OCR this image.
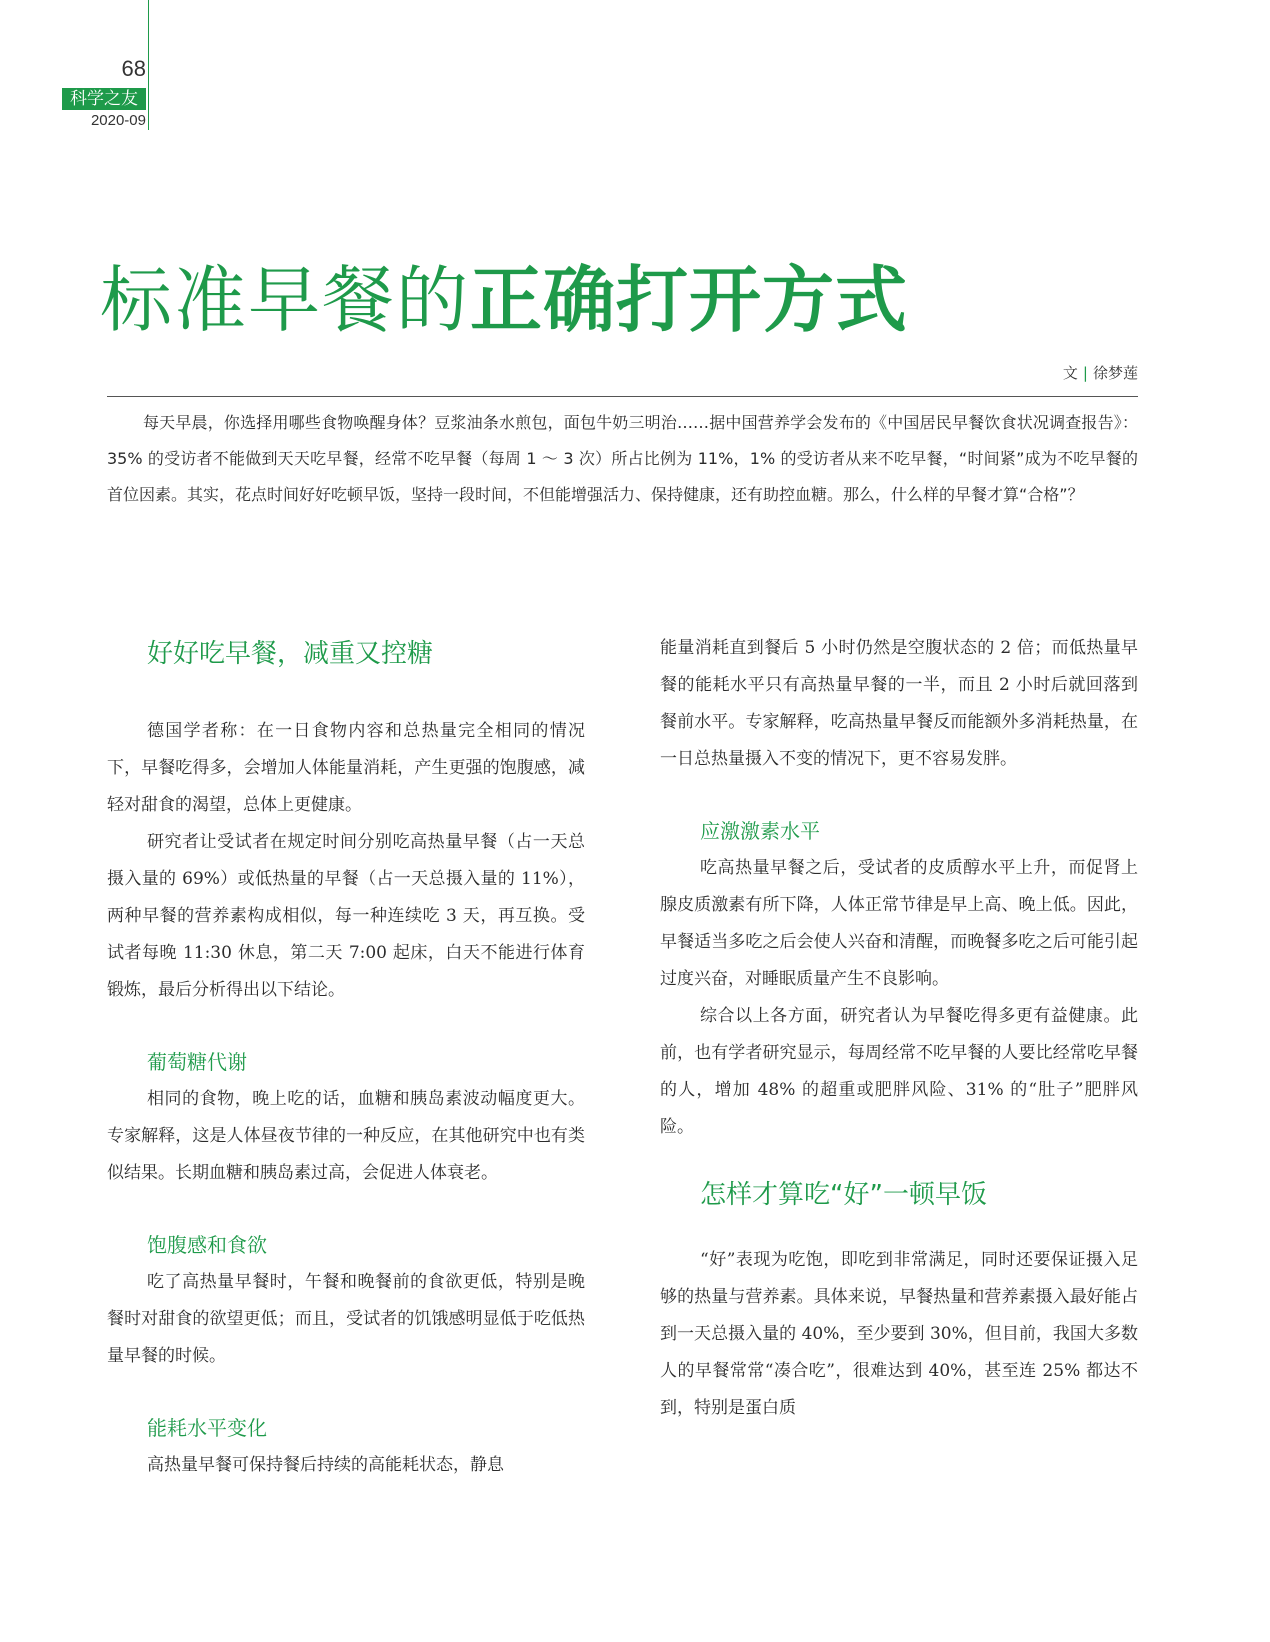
68
科学之友
2020-09
标准早餐的正确打开方式
文 | 徐梦莲

每天早晨，你选择用哪些食物唤醒身体？豆浆油条水煎包，面包牛奶三明治……据中国营养学会发布的《中国居民早餐饮食状况调查报告》：35% 的受访者不能做到天天吃早餐，经常不吃早餐（每周 1 ～ 3 次）所占比例为 11%，1% 的受访者从来不吃早餐，“时间紧”成为不吃早餐的首位因素。其实，花点时间好好吃顿早饭，坚持一段时间，不但能增强活力、保持健康，还有助控血糖。那么，什么样的早餐才算“合格”？

好好吃早餐，减重又控糖

德国学者称：在一日食物内容和总热量完全相同的情况下，早餐吃得多，会增加人体能量消耗，产生更强的饱腹感，减轻对甜食的渴望，总体上更健康。

研究者让受试者在规定时间分别吃高热量早餐（占一天总摄入量的 69%）或低热量的早餐（占一天总摄入量的 11%），两种早餐的营养素构成相似，每一种连续吃 3 天，再互换。受试者每晚 11:30 休息，第二天 7:00 起床，白天不能进行体育锻炼，最后分析得出以下结论。

葡萄糖代谢

相同的食物，晚上吃的话，血糖和胰岛素波动幅度更大。专家解释，这是人体昼夜节律的一种反应，在其他研究中也有类似结果。长期血糖和胰岛素过高，会促进人体衰老。

饱腹感和食欲

吃了高热量早餐时，午餐和晚餐前的食欲更低，特别是晚餐时对甜食的欲望更低；而且，受试者的饥饿感明显低于吃低热量早餐的时候。

能耗水平变化

高热量早餐可保持餐后持续的高能耗状态，静息

能量消耗直到餐后 5 小时仍然是空腹状态的 2 倍；而低热量早餐的能耗水平只有高热量早餐的一半，而且 2 小时后就回落到餐前水平。专家解释，吃高热量早餐反而能额外多消耗热量，在一日总热量摄入不变的情况下，更不容易发胖。

应激激素水平

吃高热量早餐之后，受试者的皮质醇水平上升，而促肾上腺皮质激素有所下降，人体正常节律是早上高、晚上低。因此，早餐适当多吃之后会使人兴奋和清醒，而晚餐多吃之后可能引起过度兴奋，对睡眠质量产生不良影响。

综合以上各方面，研究者认为早餐吃得多更有益健康。此前，也有学者研究显示，每周经常不吃早餐的人要比经常吃早餐的人，增加 48% 的超重或肥胖风险、31% 的“肚子”肥胖风险。

怎样才算吃“好”一顿早饭

“好”表现为吃饱，即吃到非常满足，同时还要保证摄入足够的热量与营养素。具体来说，早餐热量和营养素摄入最好能占到一天总摄入量的 40%，至少要到 30%，但目前，我国大多数人的早餐常常“凑合吃”，很难达到 40%，甚至连 25% 都达不到，特别是蛋白质
